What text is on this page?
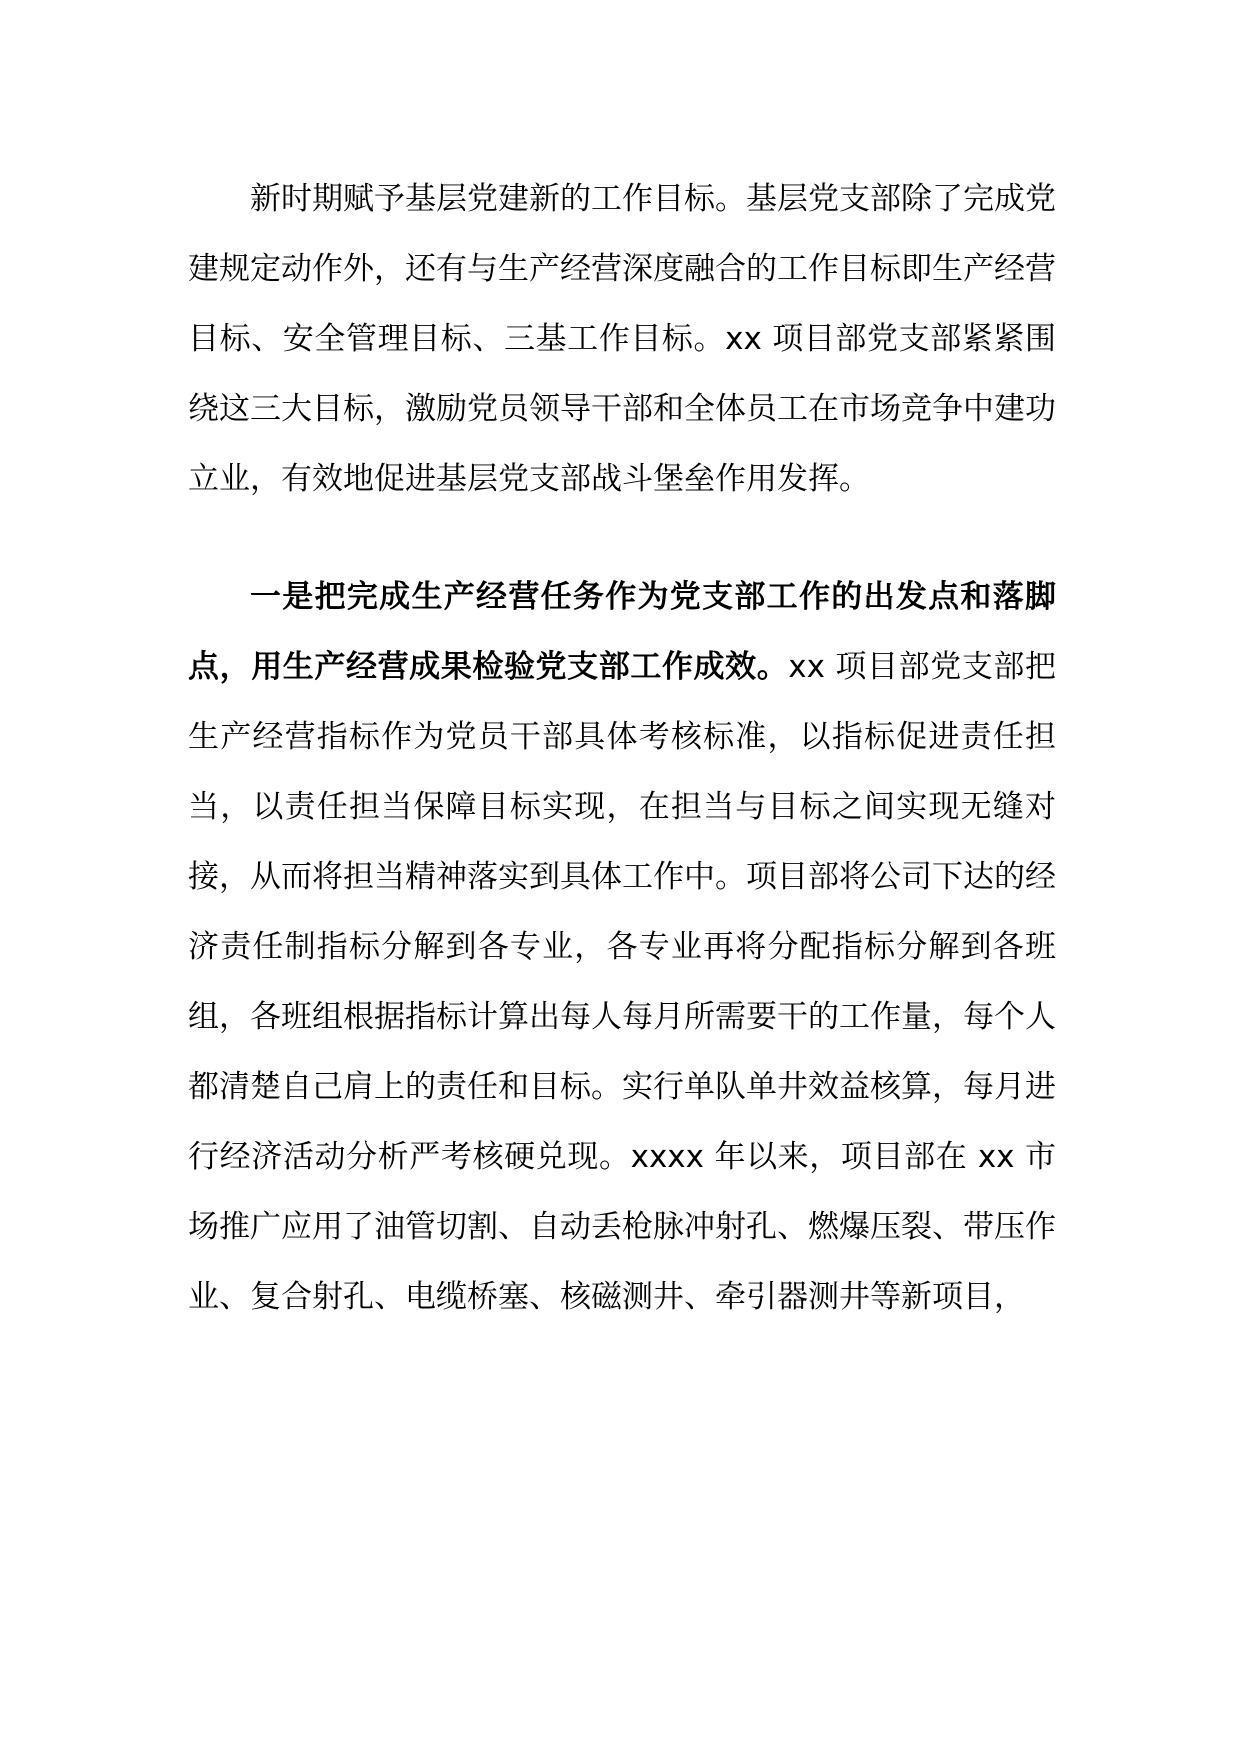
新时期赋予基层党建新的工作目标。基层党支部除了完成党建规定动作外，还有与生产经营深度融合的工作目标即生产经营目标、安全管理目标、三基工作目标。xx 项目部党支部紧紧围绕这三大目标，激励党员领导干部和全体员工在市场竞争中建功立业，有效地促进基层党支部战斗堡垒作用发挥。

一是把完成生产经营任务作为党支部工作的出发点和落脚点，用生产经营成果检验党支部工作成效。xx 项目部党支部把生产经营指标作为党员干部具体考核标准，以指标促进责任担当，以责任担当保障目标实现，在担当与目标之间实现无缝对接，从而将担当精神落实到具体工作中。项目部将公司下达的经济责任制指标分解到各专业，各专业再将分配指标分解到各班组，各班组根据指标计算出每人每月所需要干的工作量，每个人都清楚自己肩上的责任和目标。实行单队单井效益核算，每月进行经济活动分析严考核硬兑现。xxxx 年以来，项目部在 xx 市场推广应用了油管切割、自动丢枪脉冲射孔、燃爆压裂、带压作业、复合射孔、电缆桥塞、核磁测井、牵引器测井等新项目，
